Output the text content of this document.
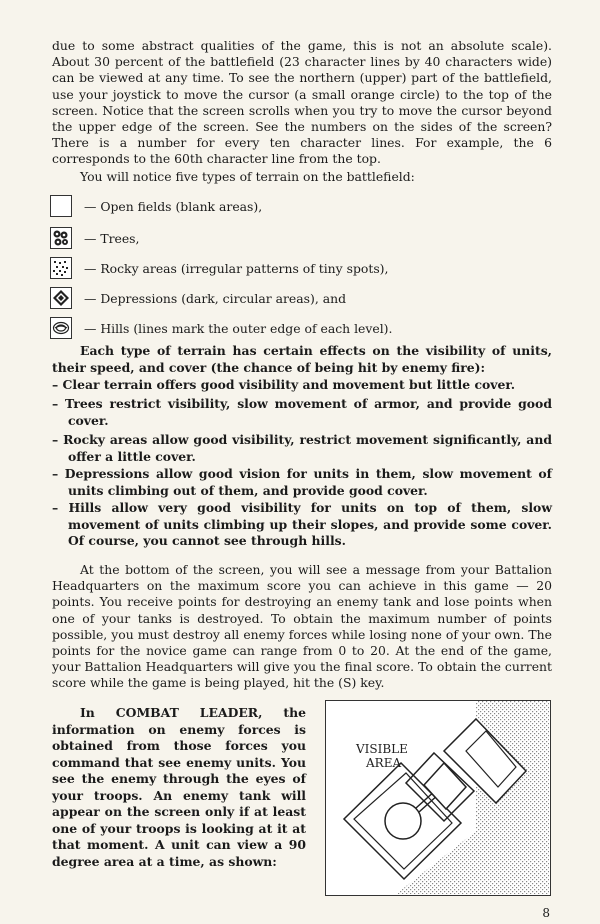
due to some abstract qualities of the game, this is not an absolute scale). About 30 percent of the battlefield (23 character lines by 40 characters wide) can be viewed at any time. To see the northern (upper) part of the battlefield, use your joystick to move the cursor (a small orange circle) to the top of the screen. Notice that the screen scrolls when you try to move the cursor beyond the upper edge of the screen. See the numbers on the sides of the screen? There is a number for every ten character lines. For example, the 6 corresponds to the 60th character line from the top.

You will notice five types of terrain on the battlefield:

— Open fields (blank areas),
— Trees,
— Rocky areas (irregular patterns of tiny spots),
— Depressions (dark, circular areas), and
— Hills (lines mark the outer edge of each level).
Each type of terrain has certain effects on the visibility of units, their speed, and cover (the chance of being hit by enemy fire):
– Clear terrain offers good visibility and movement but little cover.
– Trees restrict visibility, slow movement of armor, and provide good cover.
– Rocky areas allow good visibility, restrict movement significantly, and offer a little cover.
– Depressions allow good vision for units in them, slow movement of units climbing out of them, and provide good cover.
– Hills allow very good visibility for units on top of them, slow movement of units climbing up their slopes, and provide some cover. Of course, you cannot see through hills.

At the bottom of the screen, you will see a message from your Battalion Headquarters on the maximum score you can achieve in this game — 20 points. You receive points for destroying an enemy tank and lose points when one of your tanks is destroyed. To obtain the maximum number of points possible, you must destroy all enemy forces while losing none of your own. The points for the novice game can range from 0 to 20. At the end of the game, your Battalion Headquarters will give you the final score. To obtain the current score while the game is being played, hit the (S) key.

In COMBAT LEADER, the information on enemy forces is obtained from those forces you command that see enemy units. You see the enemy through the eyes of your troops. An enemy tank will appear on the screen only if at least one of your troops is looking at it at that moment. A unit can view a 90 degree area at a time, as shown:
VISIBLE
AREA
8
